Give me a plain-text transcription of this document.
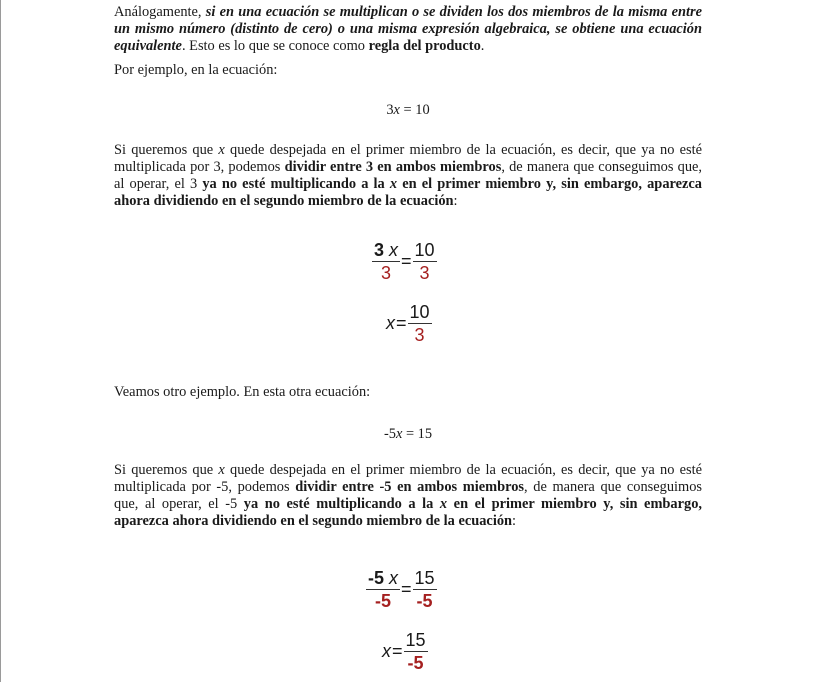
Análogamente, si en una ecuación se multiplican o se dividen los dos miembros de la misma entre un mismo número (distinto de cero) o una misma expresión algebraica, se obtiene una ecuación equivalente. Esto es lo que se conoce como regla del producto.

Por ejemplo, en la ecuación:

3x = 10

Si queremos que x quede despejada en el primer miembro de la ecuación, es decir, que ya no esté multiplicada por 3, podemos dividir entre 3 en ambos miembros, de manera que conseguimos que, al operar, el 3 ya no esté multiplicando a la x en el primer miembro y, sin embargo, aparezca ahora dividiendo en el segundo miembro de la ecuación:

$\frac{3 x}{3} = \frac{10}{3}$
$x= \frac{10}{3}$

Veamos otro ejemplo. En esta otra ecuación:

-5x = 15

Si queremos que x quede despejada en el primer miembro de la ecuación, es decir, que ya no esté multiplicada por -5, podemos dividir entre -5 en ambos miembros, de manera que conseguimos que, al operar, el -5 ya no esté multiplicando a la x en el primer miembro y, sin embargo, aparezca ahora dividiendo en el segundo miembro de la ecuación:

$\frac{-5 x}{-5} = \frac{15}{-5}$
$x= \frac{15}{-5}$
